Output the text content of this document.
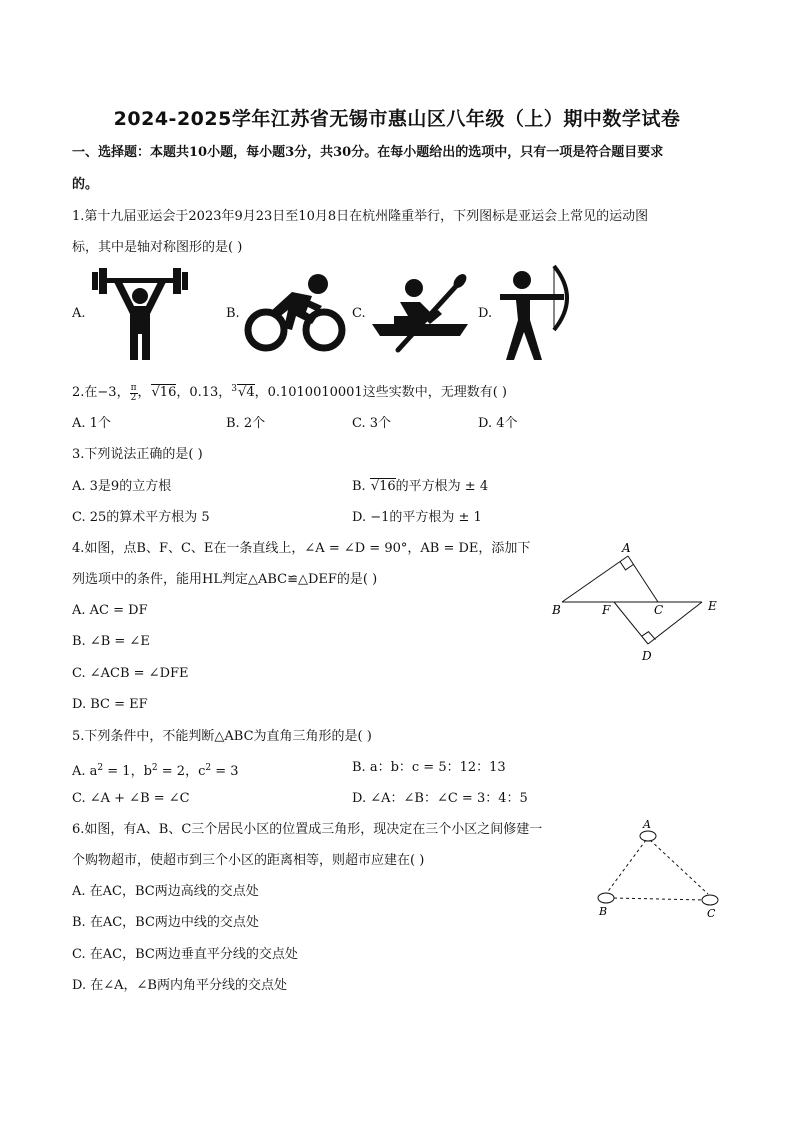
2024-2025学年江苏省无锡市惠山区八年级（上）期中数学试卷
一、选择题：本题共10小题，每小题3分，共30分。在每小题给出的选项中，只有一项是符合题目要求
的。
1.第十九届亚运会于2023年9月23日至10月8日在杭州隆重举行，下列图标是亚运会上常见的运动图
标，其中是轴对称图形的是( )
A.	B.	C.	D.
2.在−3， $\frac{\pi}{2}$ ，√16，0.13，$^3$√4，0.1010010001这些实数中，无理数有( )
A. 1个	B. 2个	C. 3个	D. 4个
3.下列说法正确的是( )
A. 3是9的立方根	B. √16的平方根为 ± 4
C. 25的算术平方根为 5	D. −1的平方根为 ± 1
4.如图，点B、F、C、E在一条直线上，∠A = ∠D = 90°，AB = DE，添加下
列选项中的条件，能用HL判定△ABC≌△DEF的是( )
A. AC = DF
B. ∠B = ∠E
C. ∠ACB = ∠DFE
D. BC = EF
A
B	F	C	E
D
5.下列条件中，不能判断△ABC为直角三角形的是( )
A. $a^2 = 1$，$b^2 = 2$，$c^2 = 3$	B. a：b：c = 5：12：13
C. ∠A + ∠B = ∠C	D. ∠A：∠B：∠C = 3：4：5
6.如图，有A、B、C三个居民小区的位置成三角形，现决定在三个小区之间修建一
个购物超市，使超市到三个小区的距离相等，则超市应建在( )
A. 在AC，BC两边高线的交点处
B. 在AC，BC两边中线的交点处
C. 在AC，BC两边垂直平分线的交点处
D. 在∠A，∠B两内角平分线的交点处
A
B	C
